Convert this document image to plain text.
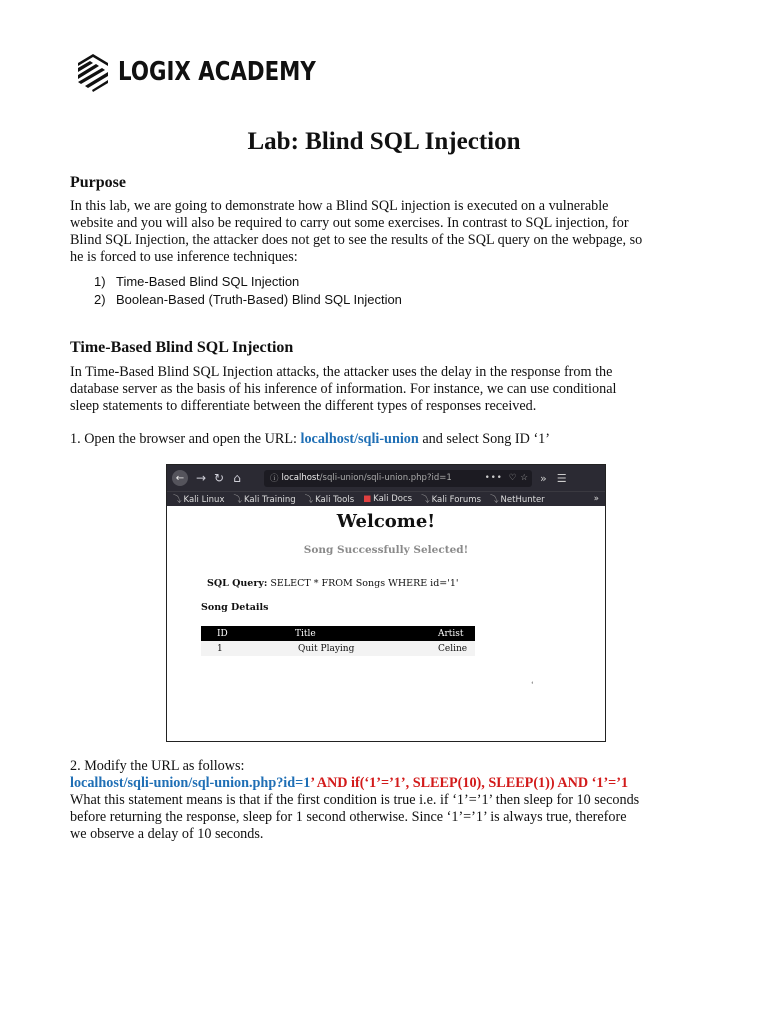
LOGIX ACADEMY
Lab: Blind SQL Injection
Purpose

In this lab, we are going to demonstrate how a Blind SQL injection is executed on a vulnerable
website and you will also be required to carry out some exercises. In contrast to SQL injection, for
Blind SQL Injection, the attacker does not get to see the results of the SQL query on the webpage, so
he is forced to use inference techniques:

1) Time-Based Blind SQL Injection
2) Boolean-Based (Truth-Based) Blind SQL Injection
Time-Based Blind SQL Injection

In Time-Based Blind SQL Injection attacks, the attacker uses the delay in the response from the
database server as the basis of his inference of information. For instance, we can use conditional
sleep statements to differentiate between the different types of responses received.

1. Open the browser and open the URL: localhost/sqli-union and select Song ID ‘1’

← → ↻ ⌂	ⓘ localhost /sqli-union/sqli-union.php?id=1	••• ♡ ☆ » ☰
⤵ Kali Linux ⤵ Kali Training ⤵ Kali Tools ■ Kali Docs ⤵ Kali Forums ⤵ NetHunter	»
Welcome!
Song Successfully Selected!
SQL Query: SELECT * FROM Songs WHERE id='1'
Song Details
ID	Title	Artist
1	Quit Playing	Celine
‘

2. Modify the URL as follows:
localhost/sqli-union/sql-union.php?id=1’ AND if(‘1’=’1’, SLEEP(10), SLEEP(1)) AND ‘1’=’1
What this statement means is that if the first condition is true i.e. if ‘1’=’1’ then sleep for 10 seconds
before returning the response, sleep for 1 second otherwise. Since ‘1’=’1’ is always true, therefore
we observe a delay of 10 seconds.
